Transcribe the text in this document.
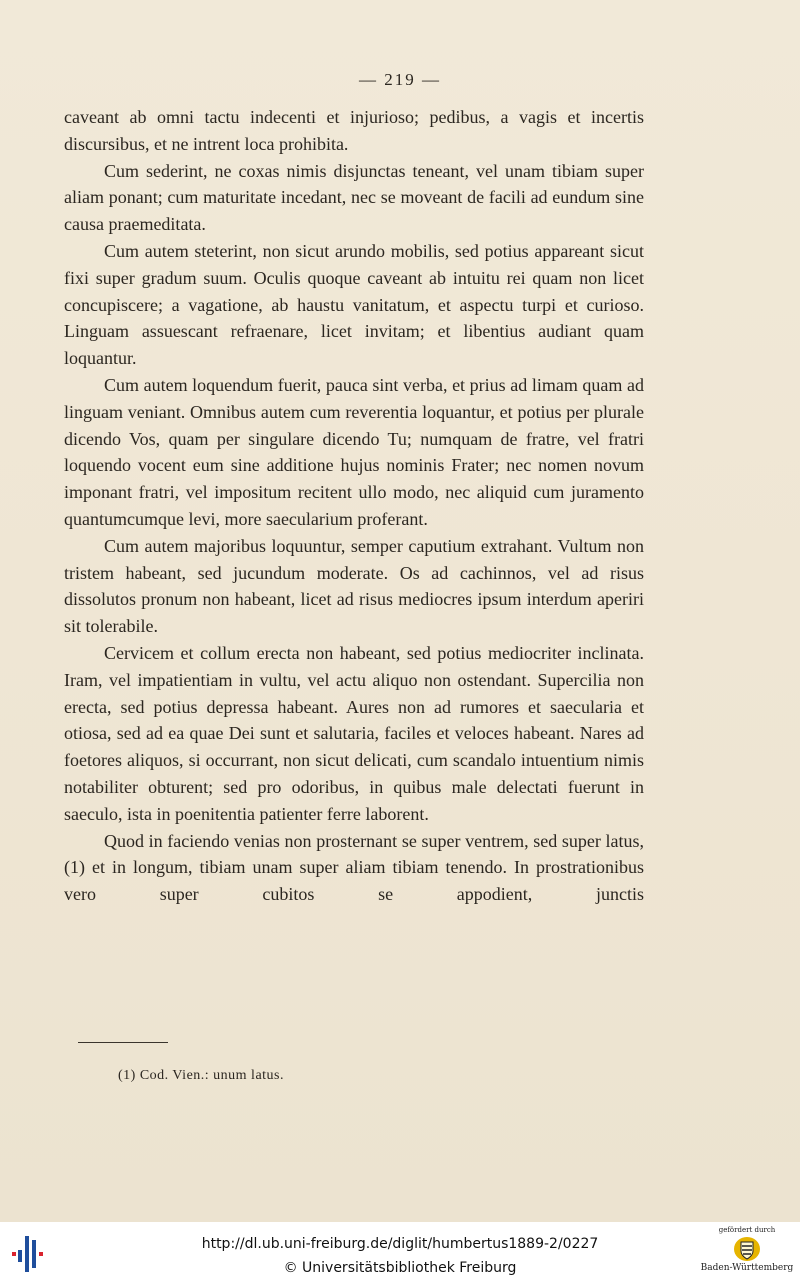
— 219 —

caveant ab omni tactu indecenti et injurioso; pedibus, a vagis et incertis discursibus, et ne intrent loca prohibita.

Cum sederint, ne coxas nimis disjunctas teneant, vel unam tibiam super aliam ponant; cum maturitate incedant, nec se moveant de facili ad eundum sine causa praemeditata.

Cum autem steterint, non sicut arundo mobilis, sed potius appareant sicut fixi super gradum suum. Oculis quoque caveant ab intuitu rei quam non licet concupiscere; a vagatione, ab haustu vanitatum, et aspectu turpi et curioso. Linguam assuescant refraenare, licet invitam; et libentius audiant quam loquantur.

Cum autem loquendum fuerit, pauca sint verba, et prius ad limam quam ad linguam veniant. Omnibus autem cum reverentia loquantur, et potius per plurale dicendo Vos, quam per singulare dicendo Tu; numquam de fratre, vel fratri loquendo vocent eum sine additione hujus nominis Frater; nec nomen novum imponant fratri, vel impositum recitent ullo modo, nec aliquid cum juramento quantumcumque levi, more saecularium proferant.

Cum autem majoribus loquuntur, semper caputium extrahant. Vultum non tristem habeant, sed jucundum moderate. Os ad cachinnos, vel ad risus dissolutos pronum non habeant, licet ad risus mediocres ipsum interdum aperiri sit tolerabile.

Cervicem et collum erecta non habeant, sed potius mediocriter inclinata. Iram, vel impatientiam in vultu, vel actu aliquo non ostendant. Supercilia non erecta, sed potius depressa habeant. Aures non ad rumores et saecularia et otiosa, sed ad ea quae Dei sunt et salutaria, faciles et veloces habeant. Nares ad foetores aliquos, si occurrant, non sicut delicati, cum scandalo intuentium nimis notabiliter obturent; sed pro odoribus, in quibus male delectati fuerunt in saeculo, ista in poenitentia patienter ferre laborent.

Quod in faciendo venias non prosternant se super ventrem, sed super latus, (1) et in longum, tibiam unam super aliam tibiam tenendo. In prostrationibus vero super cubitos se appodient, junctis

(1) Cod. Vien.: unum latus.
http://dl.ub.uni-freiburg.de/diglit/humbertus1889-2/0227
© Universitätsbibliothek Freiburg
gefördert durch
Baden-Württemberg
